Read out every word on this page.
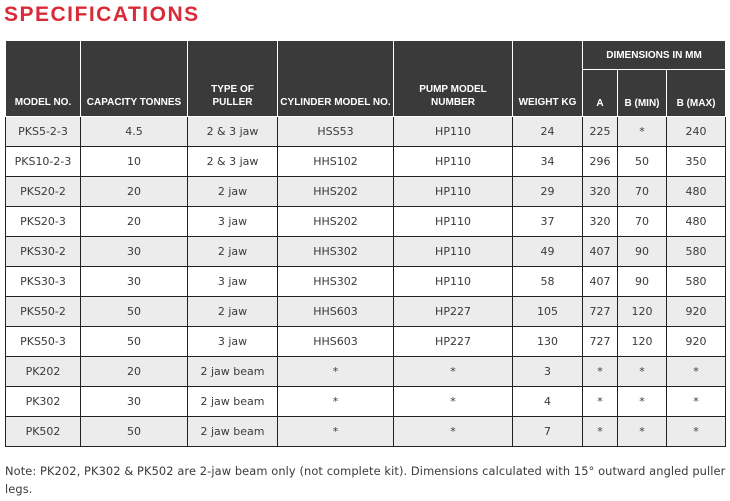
SPECIFICATIONS
MODEL NO.	CAPACITY TONNES	TYPE OF PULLER	CYLINDER MODEL NO.	PUMP MODEL NUMBER	WEIGHT KG	DIMENSIONS IN MM		
						A	B (MIN)	B (MAX)
PKS5-2-3	4.5	2 & 3 jaw	HSS53	HP110	24	225	*	240
PKS10-2-3	10	2 & 3 jaw	HHS102	HP110	34	296	50	350
PKS20-2	20	2 jaw	HHS202	HP110	29	320	70	480
PKS20-3	20	3 jaw	HHS202	HP110	37	320	70	480
PKS30-2	30	2 jaw	HHS302	HP110	49	407	90	580
PKS30-3	30	3 jaw	HHS302	HP110	58	407	90	580
PKS50-2	50	2 jaw	HHS603	HP227	105	727	120	920
PKS50-3	50	3 jaw	HHS603	HP227	130	727	120	920
PK202	20	2 jaw beam	*	*	3	*	*	*
PK302	30	2 jaw beam	*	*	4	*	*	*
PK502	50	2 jaw beam	*	*	7	*	*	*

Note: PK202, PK302 & PK502 are 2-jaw beam only (not complete kit). Dimensions calculated with 15° outward angled puller legs.
